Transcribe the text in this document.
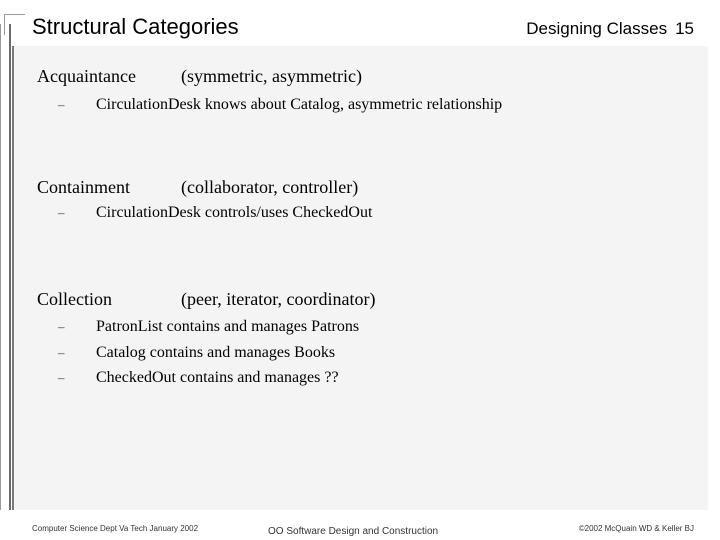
Structural Categories	Designing Classes 15
Acquaintance	(symmetric, asymmetric)
– CirculationDesk knows about Catalog, asymmetric relationship
Containment	(collaborator, controller)
– CirculationDesk controls/uses CheckedOut
Collection	(peer, iterator, coordinator)
– PatronList contains and manages Patrons
– Catalog contains and manages Books
– CheckedOut contains and manages ??
Computer Science Dept Va Tech January 2002	OO Software Design and Construction	©2002 McQuain WD & Keller BJ
